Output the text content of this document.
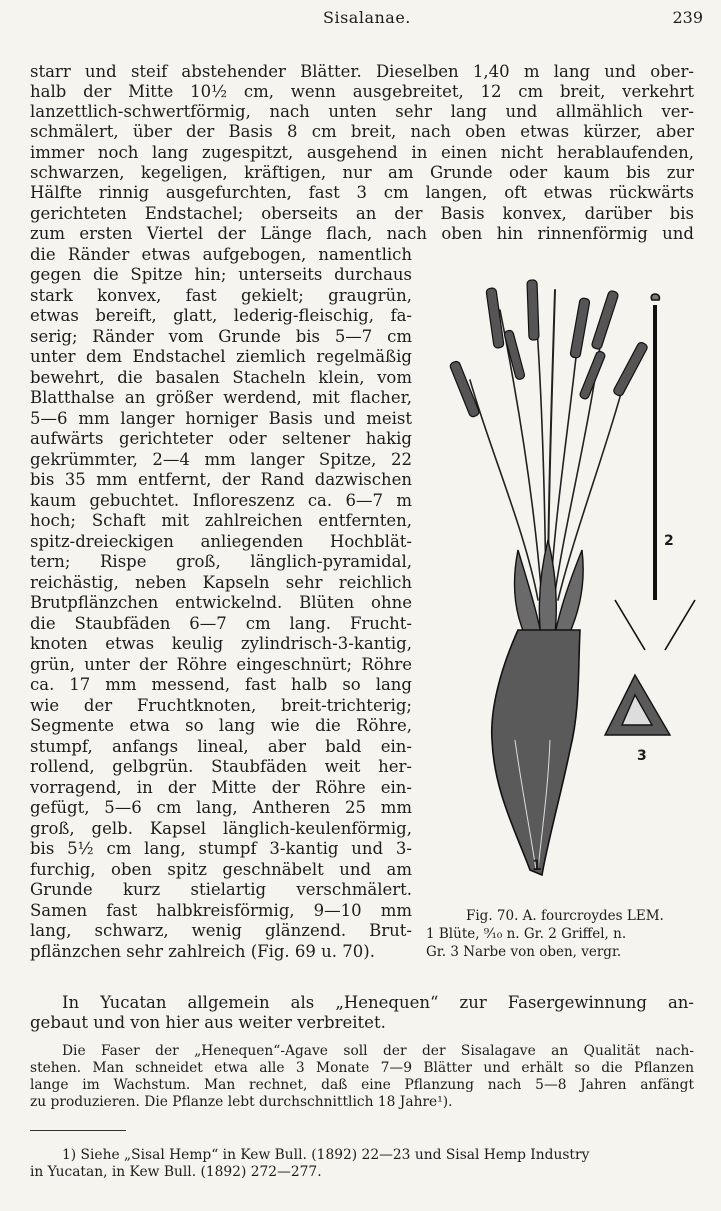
Sisalanae.	239
starr und steif abstehender Blätter. Dieselben 1,40 m lang und ober-
halb der Mitte 10½ cm, wenn ausgebreitet, 12 cm breit, verkehrt
lanzettlich-schwertförmig, nach unten sehr lang und allmählich ver-
schmälert, über der Basis 8 cm breit, nach oben etwas kürzer, aber
immer noch lang zugespitzt, ausgehend in einen nicht herablaufenden,
schwarzen, kegeligen, kräftigen, nur am Grunde oder kaum bis zur
Hälfte rinnig ausgefurchten, fast 3 cm langen, oft etwas rückwärts
gerichteten Endstachel; oberseits an der Basis konvex, darüber bis
zum ersten Viertel der Länge flach, nach oben hin rinnenförmig und
die Ränder etwas aufgebogen, namentlich
gegen die Spitze hin; unterseits durchaus
stark konvex, fast gekielt; graugrün,
etwas bereift, glatt, lederig-fleischig, fa-
serig; Ränder vom Grunde bis 5—7 cm
unter dem Endstachel ziemlich regelmäßig
bewehrt, die basalen Stacheln klein, vom
Blatthalse an größer werdend, mit flacher,
5—6 mm langer horniger Basis und meist
aufwärts gerichteter oder seltener hakig
gekrümmter, 2—4 mm langer Spitze, 22
bis 35 mm entfernt, der Rand dazwischen
kaum gebuchtet. Infloreszenz ca. 6—7 m
hoch; Schaft mit zahlreichen entfernten,
spitz-dreieckigen anliegenden Hochblät-
tern; Rispe groß, länglich-pyramidal,
reichästig, neben Kapseln sehr reichlich
Brutpflänzchen entwickelnd. Blüten ohne
die Staubfäden 6—7 cm lang. Frucht-
knoten etwas keulig zylindrisch-3-kantig,
grün, unter der Röhre eingeschnürt; Röhre
ca. 17 mm messend, fast halb so lang
wie der Fruchtknoten, breit-trichterig;
Segmente etwa so lang wie die Röhre,
stumpf, anfangs lineal, aber bald ein-
rollend, gelbgrün. Staubfäden weit her-
vorragend, in der Mitte der Röhre ein-
gefügt, 5—6 cm lang, Antheren 25 mm
groß, gelb. Kapsel länglich-keulenförmig,
bis 5½ cm lang, stumpf 3-kantig und 3-
furchig, oben spitz geschnäbelt und am
Grunde kurz stielartig verschmälert.
Samen fast halbkreisförmig, 9—10 mm
lang, schwarz, wenig glänzend. Brut-
pflänzchen sehr zahlreich (Fig. 69 u. 70).
2
3
1
Fig. 70. A. fourcroydes LEM.
1 Blüte, ⁹⁄₁₀ n. Gr. 2 Griffel, n.
Gr. 3 Narbe von oben, vergr.
In Yucatan allgemein als „Henequen“ zur Fasergewinnung an-
gebaut und von hier aus weiter verbreitet.
Die Faser der „Henequen“-Agave soll der der Sisalagave an Qualität nach-
stehen. Man schneidet etwa alle 3 Monate 7—9 Blätter und erhält so die Pflanzen
lange im Wachstum. Man rechnet, daß eine Pflanzung nach 5—8 Jahren anfängt
zu produzieren. Die Pflanze lebt durchschnittlich 18 Jahre¹).
1) Siehe „Sisal Hemp“ in Kew Bull. (1892) 22—23 und Sisal Hemp Industry
in Yucatan, in Kew Bull. (1892) 272—277.
